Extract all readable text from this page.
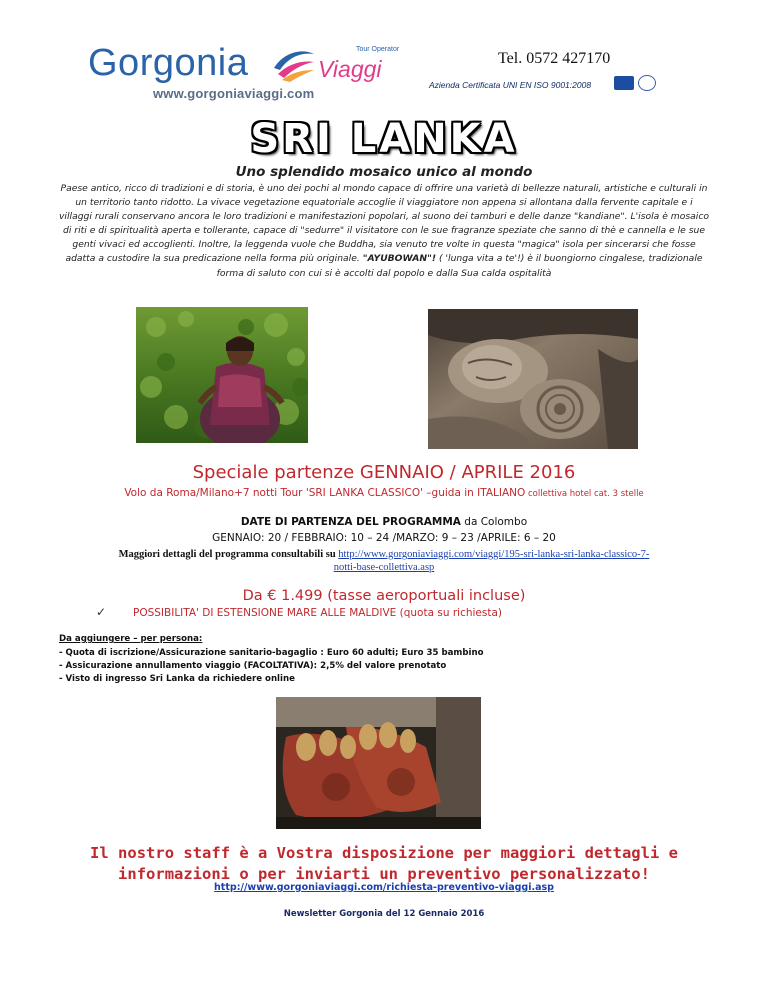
Gorgonia	Tour Operator
Viaggi
www.gorgoniaviaggi.com
Tel. 0572 427170
Azienda Certificata UNI EN ISO 9001:2008
SRI LANKA
Uno splendido mosaico unico al mondo
Paese antico, ricco di tradizioni e di storia, è uno dei pochi al mondo capace di offrire una varietà di bellezze naturali, artistiche e culturali in un territorio tanto ridotto. La vivace vegetazione equatoriale accoglie il viaggiatore non appena si allontana dalla fervente capitale e i villaggi rurali conservano ancora le loro tradizioni e manifestazioni popolari, al suono dei tamburi e delle danze "kandiane". L'isola è mosaico di riti e di spiritualità aperta e tollerante, capace di "sedurre" il visitatore con le sue fragranze speziate che sanno di thè e cannella e le sue genti vivaci ed accoglienti. Inoltre, la leggenda vuole che Buddha, sia venuto tre volte in questa "magica" isola per sincerarsi che fosse adatta a custodire la sua predicazione nella forma più originale. "AYUBOWAN"! ( 'lunga vita a te'!) è il buongiorno cingalese, tradizionale forma di saluto con cui si è accolti dal popolo e dalla Sua calda ospitalità
Speciale partenze GENNAIO / APRILE 2016
Volo da Roma/Milano+7 notti Tour 'SRI LANKA CLASSICO' –guida in ITALIANO collettiva hotel cat. 3 stelle
DATE DI PARTENZA DEL PROGRAMMA da Colombo
GENNAIO: 20 / FEBBRAIO: 10 – 24 /MARZO: 9 – 23 /APRILE: 6 – 20
Maggiori dettagli del programma consultabili su http://www.gorgoniaviaggi.com/viaggi/195-sri-lanka-sri-lanka-classico-7-notti-base-collettiva.asp
Da € 1.499 (tasse aeroportuali incluse)
✓	POSSIBILITA' DI ESTENSIONE MARE ALLE MALDIVE (quota su richiesta)
Da aggiungere – per persona:
- Quota di iscrizione/Assicurazione sanitario-bagaglio : Euro 60 adulti; Euro 35 bambino
- Assicurazione annullamento viaggio (FACOLTATIVA): 2,5% del valore prenotato
- Visto di ingresso Sri Lanka da richiedere online
Il nostro staff è a Vostra disposizione per maggiori dettagli e informazioni o per inviarti un preventivo personalizzato!
http://www.gorgoniaviaggi.com/richiesta-preventivo-viaggi.asp
Newsletter Gorgonia del 12 Gennaio 2016
